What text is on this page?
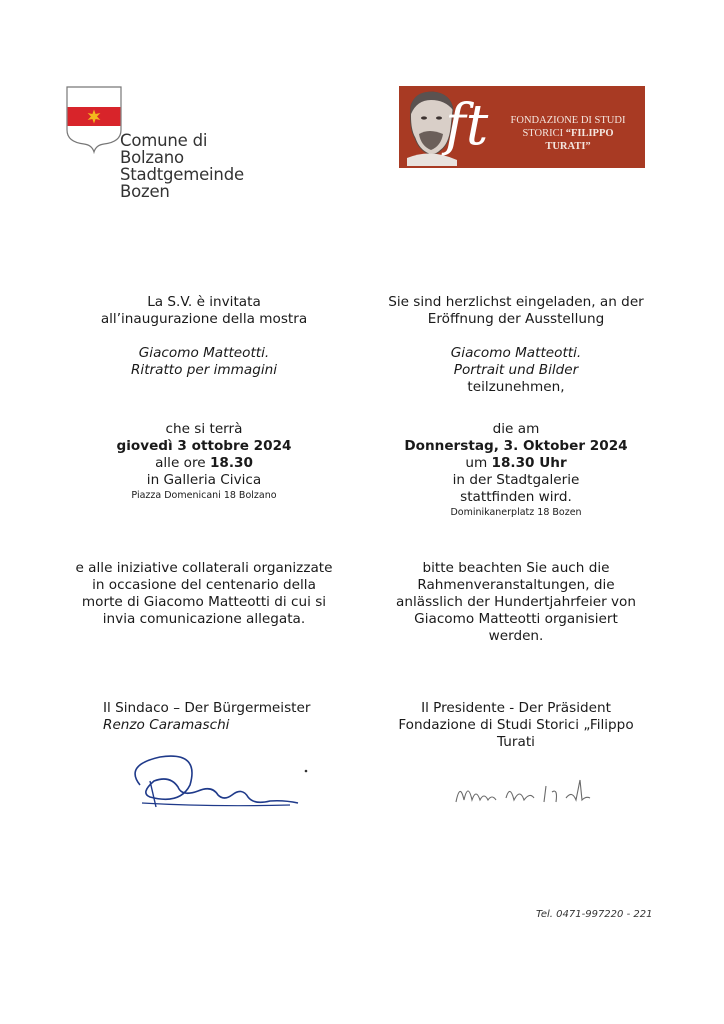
Comune di Bolzano
Stadtgemeinde Bozen
ft	FONDAZIONE DI STUDI
STORICI “FILIPPO TURATI”
La S.V. è invitata
all’inaugurazione della mostra
Giacomo Matteotti.
Ritratto per immagini
che si terrà
giovedì 3 ottobre 2024
alle ore 18.30
in Galleria Civica
Piazza Domenicani 18 Bolzano
e alle iniziative collaterali organizzate
in occasione del centenario della
morte di Giacomo Matteotti di cui si
invia comunicazione allegata.
Sie sind herzlichst eingeladen, an der
Eröffnung der Ausstellung
Giacomo Matteotti.
Portrait und Bilder
teilzunehmen,
die am
Donnerstag, 3. Oktober 2024
um 18.30 Uhr
in der Stadtgalerie
stattfinden wird.
Dominikanerplatz 18 Bozen
bitte beachten Sie auch die
Rahmenveranstaltungen, die
anlässlich der Hundertjahrfeier von
Giacomo Matteotti organisiert
werden.
Il Sindaco – Der Bürgermeister
Renzo Caramaschi
Il Presidente - Der Präsident
Fondazione di Studi Storici „Filippo
Turati
Tel. 0471-997220 - 221
